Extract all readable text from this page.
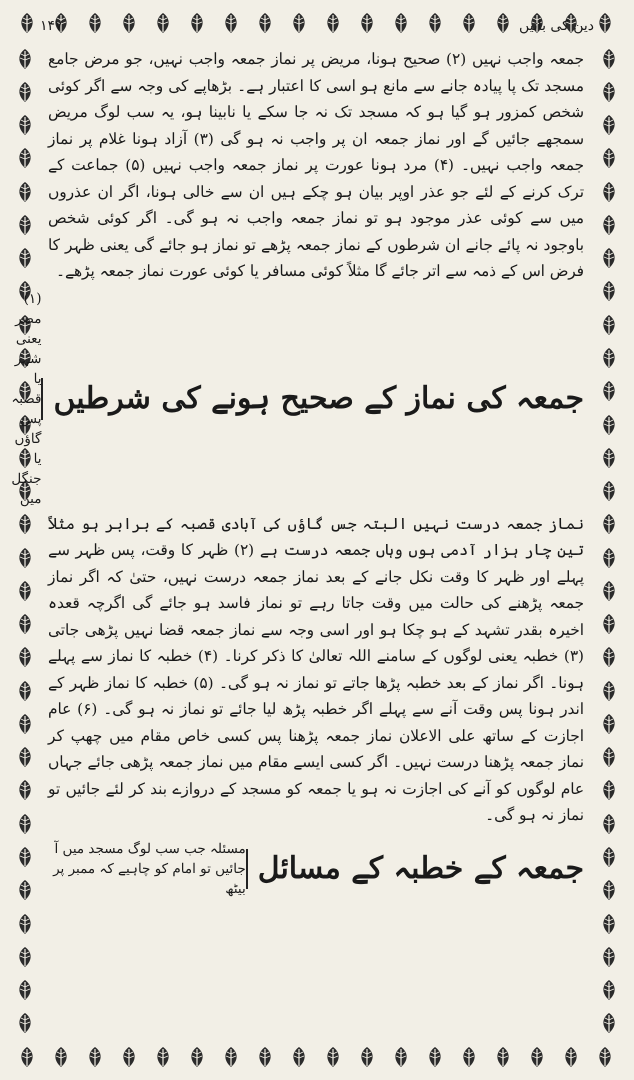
دین کی باتیں
۱۴۷

جمعہ واجب نہیں (۲) صحیح ہونا، مریض پر نماز جمعہ واجب نہیں، جو مرض جامع مسجد تک پا پیادہ جانے سے مانع ہو اسی کا اعتبار ہے۔ بڑھاپے کی وجہ سے اگر کوئی شخص کمزور ہو گیا ہو کہ مسجد تک نہ جا سکے یا نابینا ہو، یہ سب لوگ مریض سمجھے جائیں گے اور نماز جمعہ ان پر واجب نہ ہو گی (۳) آزاد ہونا غلام پر نماز جمعہ واجب نہیں۔ (۴) مرد ہونا عورت پر نماز جمعہ واجب نہیں (۵) جماعت کے ترک کرنے کے لئے جو عذر اوپر بیان ہو چکے ہیں ان سے خالی ہونا، اگر ان عذروں میں سے کوئی عذر موجود ہو تو نماز جمعہ واجب نہ ہو گی۔ اگر کوئی شخص باوجود نہ پائے جانے ان شرطوں کے نماز جمعہ پڑھے تو نماز ہو جائے گی یعنی ظہر کا فرض اس کے ذمہ سے اتر جائے گا مثلاً کوئی مسافر یا کوئی عورت نماز جمعہ پڑھے۔

جمعہ کی نماز کے صحیح ہونے کی شرطیں
(۱) مصر یعنی شہر یا قصبہ پس گاؤں یا جنگل میں

نماز جمعہ درست نہیں البتہ جس گاؤں کی آبادی قصبہ کے برابر ہو مثلاً تین چار ہزار آدمی ہوں وہاں جمعہ درست ہے (۲) ظہر کا وقت، پس ظہر سے پہلے اور ظہر کا وقت نکل جانے کے بعد نماز جمعہ درست نہیں، حتیٰ کہ اگر نماز جمعہ پڑھنے کی حالت میں وقت جاتا رہے تو نماز فاسد ہو جائے گی اگرچہ قعدہ اخیرہ بقدر تشہد کے ہو چکا ہو اور اسی وجہ سے نماز جمعہ قضا نہیں پڑھی جاتی (۳) خطبہ یعنی لوگوں کے سامنے اللہ تعالیٰ کا ذکر کرنا۔ (۴) خطبہ کا نماز سے پہلے ہونا۔ اگر نماز کے بعد خطبہ پڑھا جاتے تو نماز نہ ہو گی۔ (۵) خطبہ کا نماز ظہر کے اندر ہونا پس وقت آنے سے پہلے اگر خطبہ پڑھ لیا جائے تو نماز نہ ہو گی۔ (۶) عام اجازت کے ساتھ علی الاعلان نماز جمعہ پڑھنا پس کسی خاص مقام میں چھپ کر نماز جمعہ پڑھنا درست نہیں۔ اگر کسی ایسے مقام میں نماز جمعہ پڑھی جائے جہاں عام لوگوں کو آنے کی اجازت نہ ہو یا جمعہ کو مسجد کے دروازے بند کر لئے جائیں تو نماز نہ ہو گی۔

جمعہ کے خطبہ کے مسائل
مسئلہ جب سب لوگ مسجد میں آ جائیں تو امام کو چاہیے کہ ممبر پر بیٹھ
